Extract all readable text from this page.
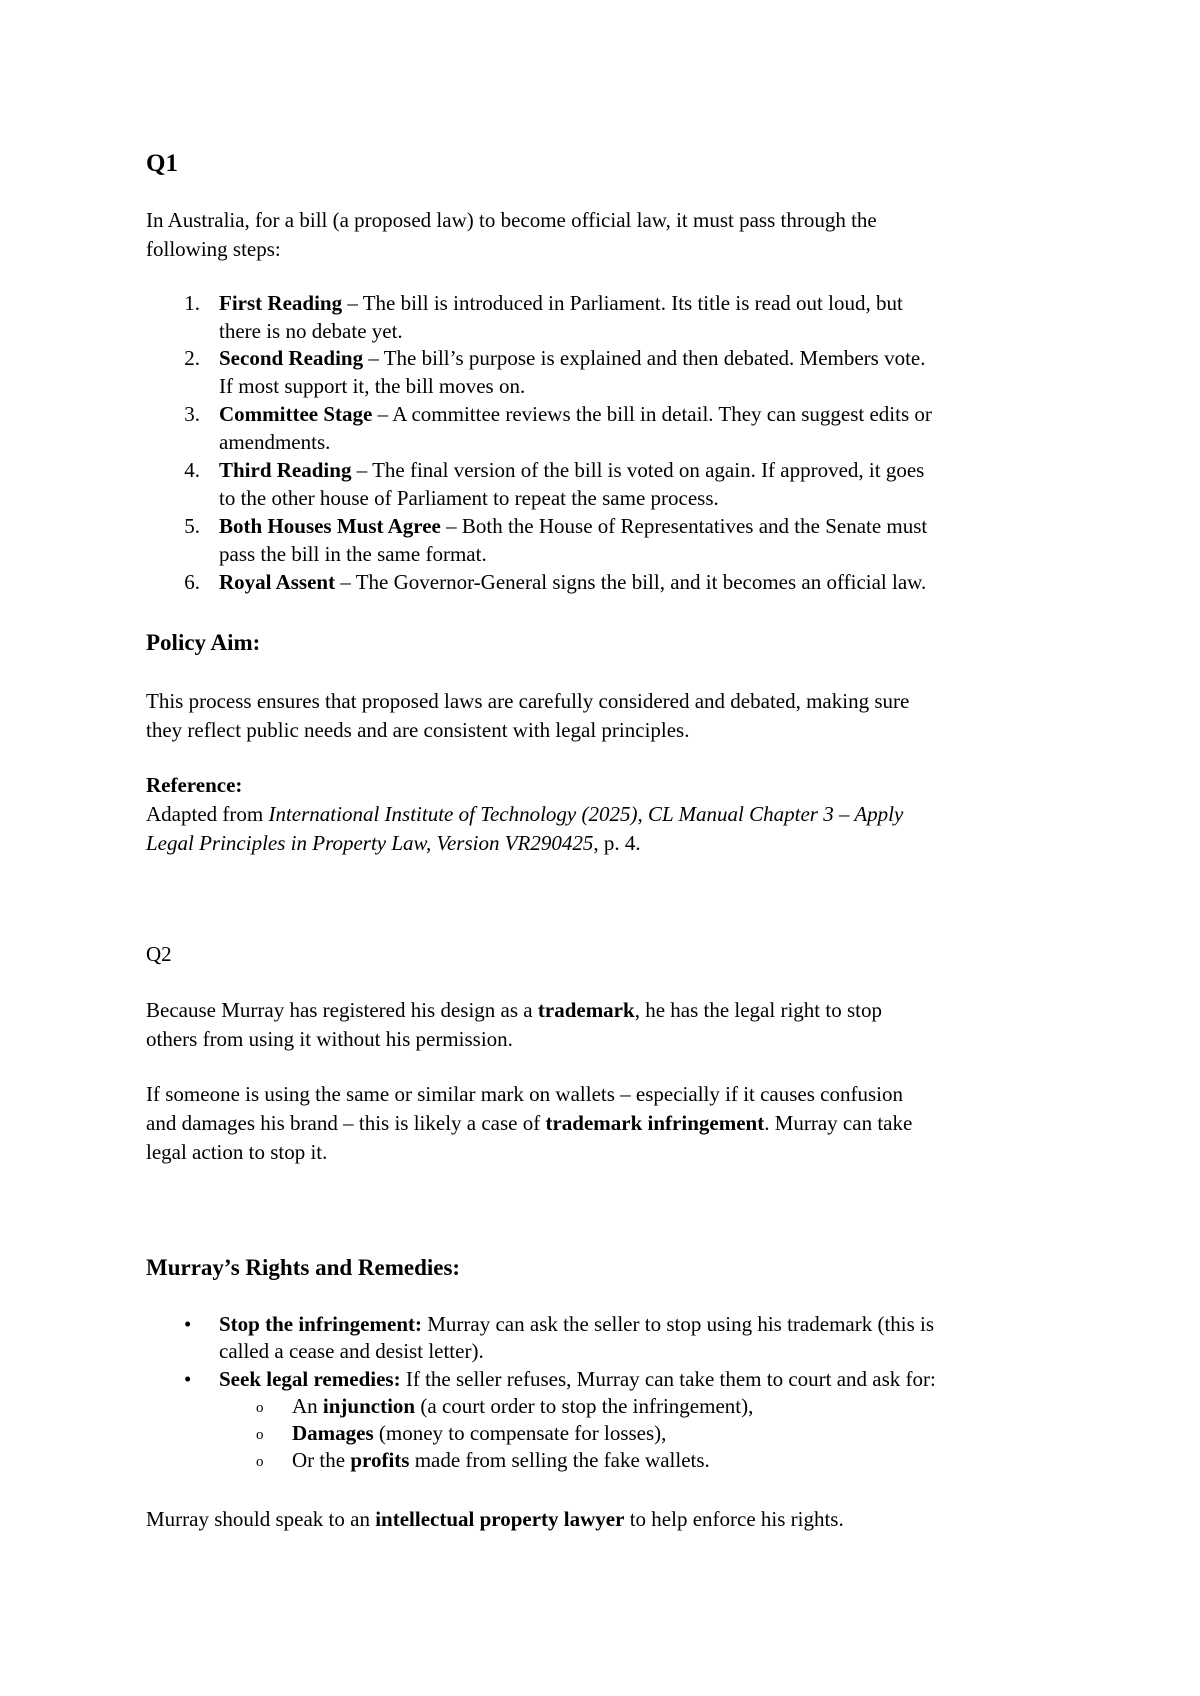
Q1
In Australia, for a bill (a proposed law) to become official law, it must pass through the
following steps:
1. First Reading – The bill is introduced in Parliament. Its title is read out loud, but
there is no debate yet.
2. Second Reading – The bill’s purpose is explained and then debated. Members vote.
If most support it, the bill moves on.
3. Committee Stage – A committee reviews the bill in detail. They can suggest edits or
amendments.
4. Third Reading – The final version of the bill is voted on again. If approved, it goes
to the other house of Parliament to repeat the same process.
5. Both Houses Must Agree – Both the House of Representatives and the Senate must
pass the bill in the same format.
6. Royal Assent – The Governor-General signs the bill, and it becomes an official law.
Policy Aim:
This process ensures that proposed laws are carefully considered and debated, making sure
they reflect public needs and are consistent with legal principles.
Reference:
Adapted from International Institute of Technology (2025), CL Manual Chapter 3 – Apply
Legal Principles in Property Law, Version VR290425, p. 4.
Q2
Because Murray has registered his design as a trademark, he has the legal right to stop
others from using it without his permission.
If someone is using the same or similar mark on wallets – especially if it causes confusion
and damages his brand – this is likely a case of trademark infringement. Murray can take
legal action to stop it.
Murray’s Rights and Remedies:
• Stop the infringement: Murray can ask the seller to stop using his trademark (this is
called a cease and desist letter).
• Seek legal remedies: If the seller refuses, Murray can take them to court and ask for:
o An injunction (a court order to stop the infringement),
o Damages (money to compensate for losses),
o Or the profits made from selling the fake wallets.
Murray should speak to an intellectual property lawyer to help enforce his rights.
